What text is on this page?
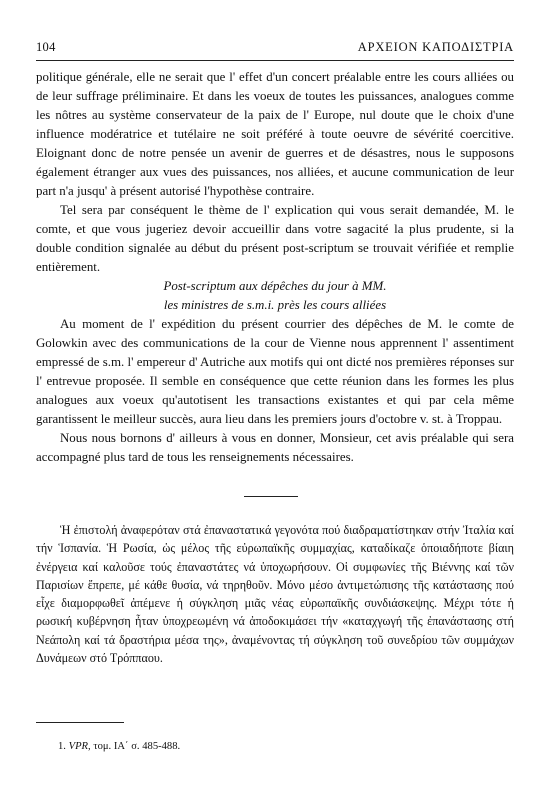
104	ΑΡΧΕΙΟΝ ΚΑΠΟΔΙΣΤΡΙΑ

politique générale, elle ne serait que l' effet d'un concert préalable entre les cours alliées ou de leur suffrage préliminaire. Et dans les voeux de toutes les puissances, analogues comme les nôtres au système conservateur de la paix de l' Europe, nul doute que le choix d'une influence modératrice et tutélaire ne soit préféré à toute oeuvre de sévérité coercitive. Eloignant donc de notre pensée un avenir de guerres et de désastres, nous le supposons également étranger aux vues des puissances, nos alliées, et aucune communication de leur part n'a jusqu' à présent autorisé l'hypothèse contraire.

Tel sera par conséquent le thème de l' explication qui vous serait demandée, M. le comte, et que vous jugeriez devoir accueillir dans votre sagacité la plus prudente, si la double condition signalée au début du présent post-scriptum se trouvait vérifiée et remplie entièrement.

Post-scriptum aux dépêches du jour à MM.

les ministres de s.m.i. près les cours alliées

Au moment de l' expédition du présent courrier des dépêches de M. le comte de Golowkin avec des communications de la cour de Vienne nous apprennent l' assentiment empressé de s.m. l' empereur d' Autriche aux motifs qui ont dicté nos premières réponses sur l' entrevue proposée. Il semble en conséquence que cette réunion dans les formes les plus analogues aux voeux qu'autotisent les transactions existantes et qui par cela même garantissent le meilleur succès, aura lieu dans les premiers jours d'octobre v. st. à Troppau.

Nous nous bornons d' ailleurs à vous en donner, Monsieur, cet avis préalable qui sera accompagné plus tard de tous les renseignements nécessaires.

Ἡ ἐπιστολή ἀναφερόταν στά ἐπαναστατικά γεγονότα πού διαδραματίστηκαν στήν Ἰταλία καί τήν Ἱσπανία. Ἡ Ρωσία, ὡς μέλος τῆς εὐρωπαϊκῆς συμμαχίας, καταδίκαζε ὁποιαδήποτε βίαιη ἐνέργεια καί καλοῦσε τούς ἐπαναστάτες νά ὑποχωρήσουν. Οἱ συμφωνίες τῆς Βιέννης καί τῶν Παρισίων ἔπρεπε, μέ κάθε θυσία, νά τηρηθοῦν. Μόνο μέσο ἀντιμετώπισης τῆς κατάστασης πού εἶχε διαμορφωθεῖ ἀπέμενε ἡ σύγκληση μιᾶς νέας εὐρωπαϊκῆς συνδιάσκεψης. Μέχρι τότε ἡ ρωσική κυβέρνηση ἦταν ὑποχρεωμένη νά ἀποδοκιμάσει τήν «καταχγωγή τῆς ἐπανάστασης στή Νεάπολη καί τά δραστήρια μέσα της», ἀναμένοντας τή σύγκληση τοῦ συνεδρίου τῶν συμμάχων Δυνάμεων στό Τρόππαου.

1. VPR, τομ. ΙΑ΄ σ. 485-488.
